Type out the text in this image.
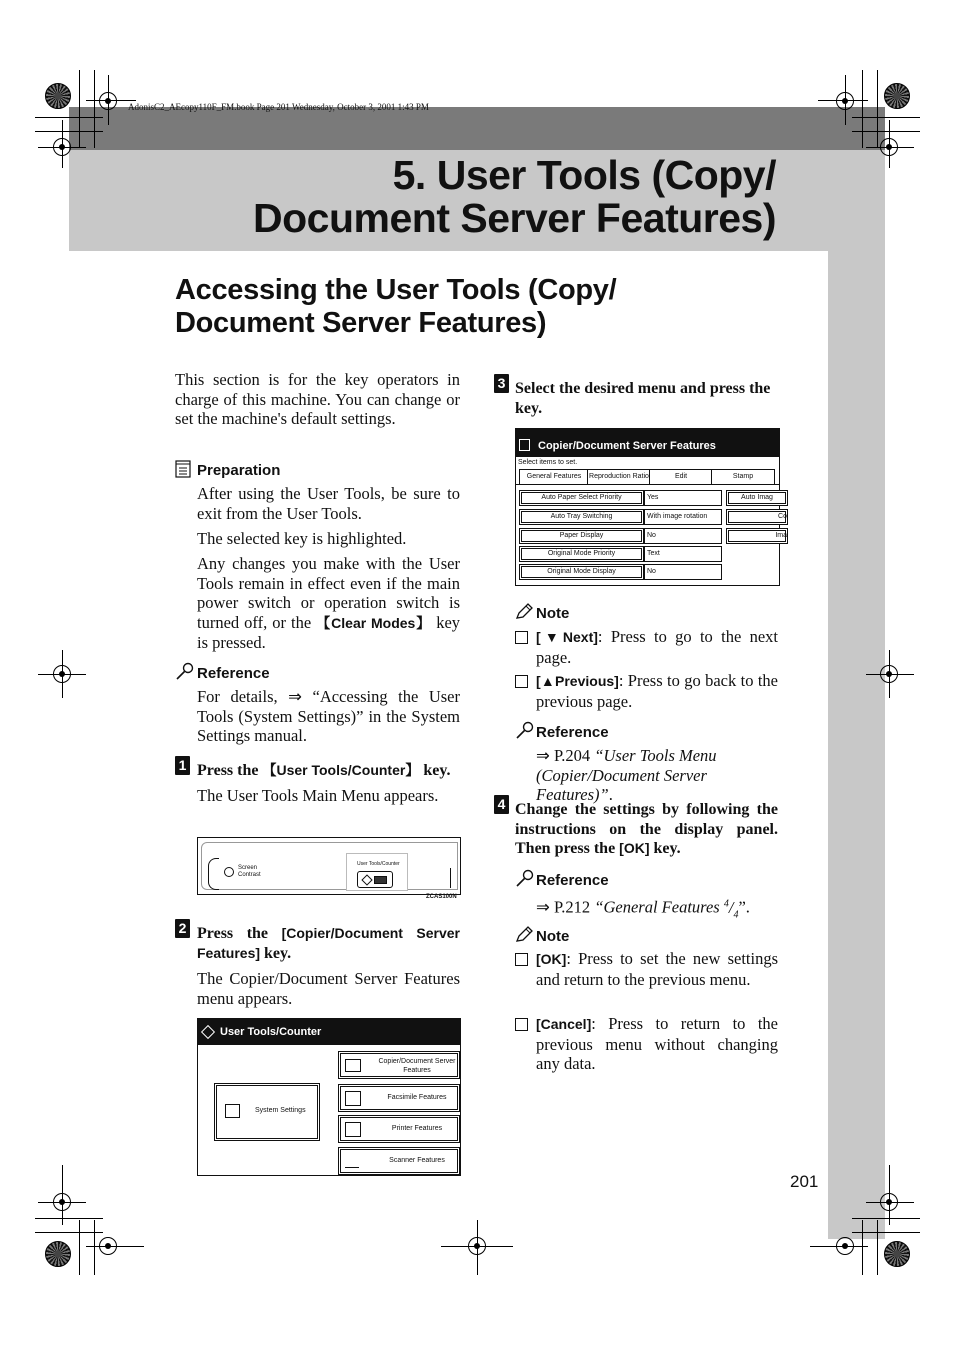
AdonisC2_AEcopy110F_FM.book Page 201 Wednesday, October 3, 2001 1:43 PM
5. User Tools (Copy/
Document Server Features)
Accessing the User Tools (Copy/
Document Server Features)
This section is for the key operators in charge of this machine. You can change or set the machine's default settings.
Preparation
After using the User Tools, be sure to exit from the User Tools.
The selected key is highlighted.
Any changes you make with the User Tools remain in effect even if the main power switch or operation switch is turned off, or the 【Clear Modes】 key is pressed.
Reference
For details, ⇒ “Accessing the User Tools (System Settings)” in the System Settings manual.
1 Press the 【User Tools/Counter】 key.
The User Tools Main Menu appears.
Screen
Contrast
User Tools/Counter
ZCAS100N
2 Press the [Copier/Document Server Features] key.
The Copier/Document Server Features menu appears.
User Tools/Counter
System Settings
Copier/Document Server Features
Facsimile Features
Printer Features
Scanner Features
3 Select the desired menu and press the key.
Copier/Document Server Features
Select items to set.
General Features	Reproduction Ratio	Edit	Stamp
Auto Paper Select Priority	Yes	Auto Imag
Auto Tray Switching	With image rotation	Co
Paper Display	No	Ima
Original Mode Priority	Text
Original Mode Display	No
Note
[▼Next]: Press to go to the next page.
[▲Previous]: Press to go back to the previous page.
Reference
⇒ P.204 “User Tools Menu (Copier/Document Server Features)”.
4 Change the settings by following the instructions on the display panel. Then press the [OK] key.
Reference
⇒ P.212 “General Features $^4/_4$”.
Note
[OK]: Press to set the new settings and return to the previous menu.
[Cancel]: Press to return to the previous menu without changing any data.
201
